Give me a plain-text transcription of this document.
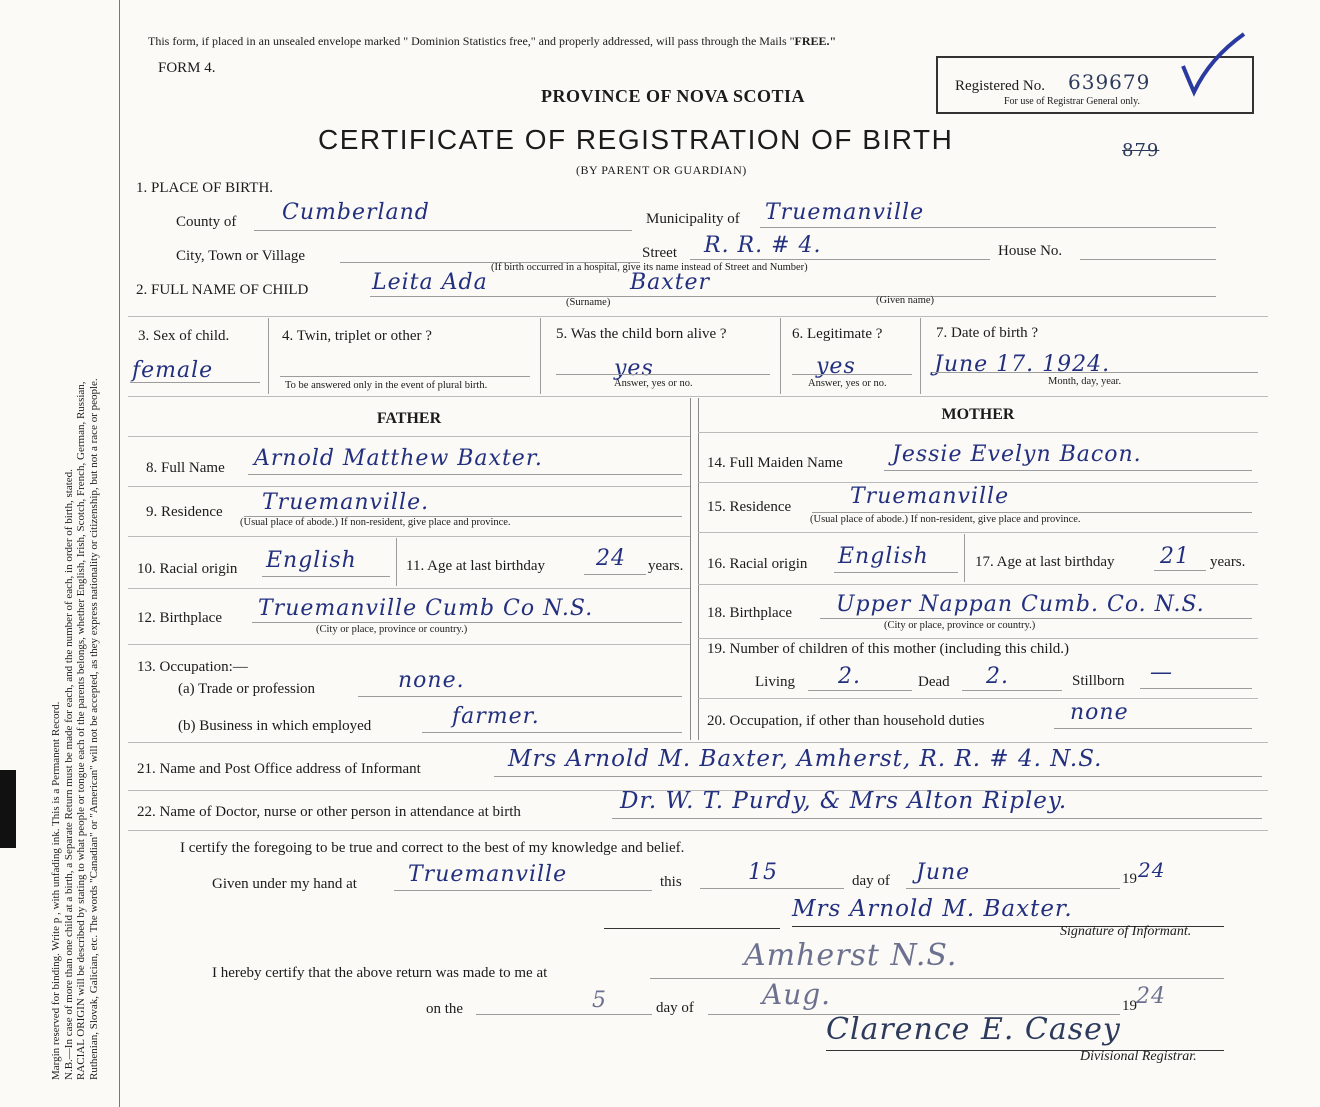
Margin reserved for binding. Write p , with unfading ink. This is a Permanent Record. N.B.—In case of more than one child at a birth, a Separate Return must be made for each, and the number of each, in order of birth, stated. RACIAL ORIGIN will be described by stating to what people or tongue each of the parents belongs, whether English, Irish, Scotch, French, German, Russian, Ruthenian, Slovak, Galician, etc. The words "Canadian" or "American" will not be accepted, as they express nationality or citizenship, but not a race or people.
This form, if placed in an unsealed envelope marked " Dominion Statistics free," and properly addressed, will pass through the Mails "FREE."
FORM 4.
PROVINCE OF NOVA SCOTIA
CERTIFICATE OF REGISTRATION OF BIRTH
(BY PARENT OR GUARDIAN)
879
Registered No. 639679
For use of Registrar General only.
1. PLACE OF BIRTH.
County of Cumberland	Municipality of Truemanville
City, Town or Village	Street R. R. # 4.	House No.
(If birth occurred in a hospital, give its name instead of Street and Number)
2. FULL NAME OF CHILD	Leita Ada	Baxter
(Surname)	(Given name)
3. Sex of child.
female
4. Twin, triplet or other ?
To be answered only in the event of plural birth.
5. Was the child born alive ?
yes
Answer, yes or no.
6. Legitimate ?
yes
Answer, yes or no.
7. Date of birth ?
June 17. 1924.
Month, day, year.
FATHER	MOTHER
8. Full Name Arnold Matthew Baxter.
9. Residence Truemanville.
(Usual place of abode.) If non-resident, give place and province.
10. Racial origin English	11. Age at last birthday 24 years.
12. Birthplace Truemanville Cumb Co N.S.
(City or place, province or country.)
13. Occupation:—
(a) Trade or profession	none.
(b) Business in which employed	farmer.
14. Full Maiden Name Jessie Evelyn Bacon.
15. Residence	Truemanville
(Usual place of abode.) If non-resident, give place and province.
16. Racial origin English	17. Age at last birthday 21 years.
18. Birthplace Upper Nappan Cumb. Co. N.S.
(City or place, province or country.)
19. Number of children of this mother (including this child.)
Living 2.	Dead 2.	Stillborn —
20. Occupation, if other than household duties	none
21. Name and Post Office address of Informant	Mrs Arnold M. Baxter, Amherst, R. R. # 4. N.S.
22. Name of Doctor, nurse or other person in attendance at birth	Dr. W. T. Purdy, & Mrs Alton Ripley.
I certify the foregoing to be true and correct to the best of my knowledge and belief.
Given under my hand at Truemanville	this	15	day of June	19 24
Mrs Arnold M. Baxter.
Signature of Informant.
I hereby certify that the above return was made to me at	Amherst N.S.
on the	5	day of Aug.	19 24
Clarence E. Casey
Divisional Registrar.
